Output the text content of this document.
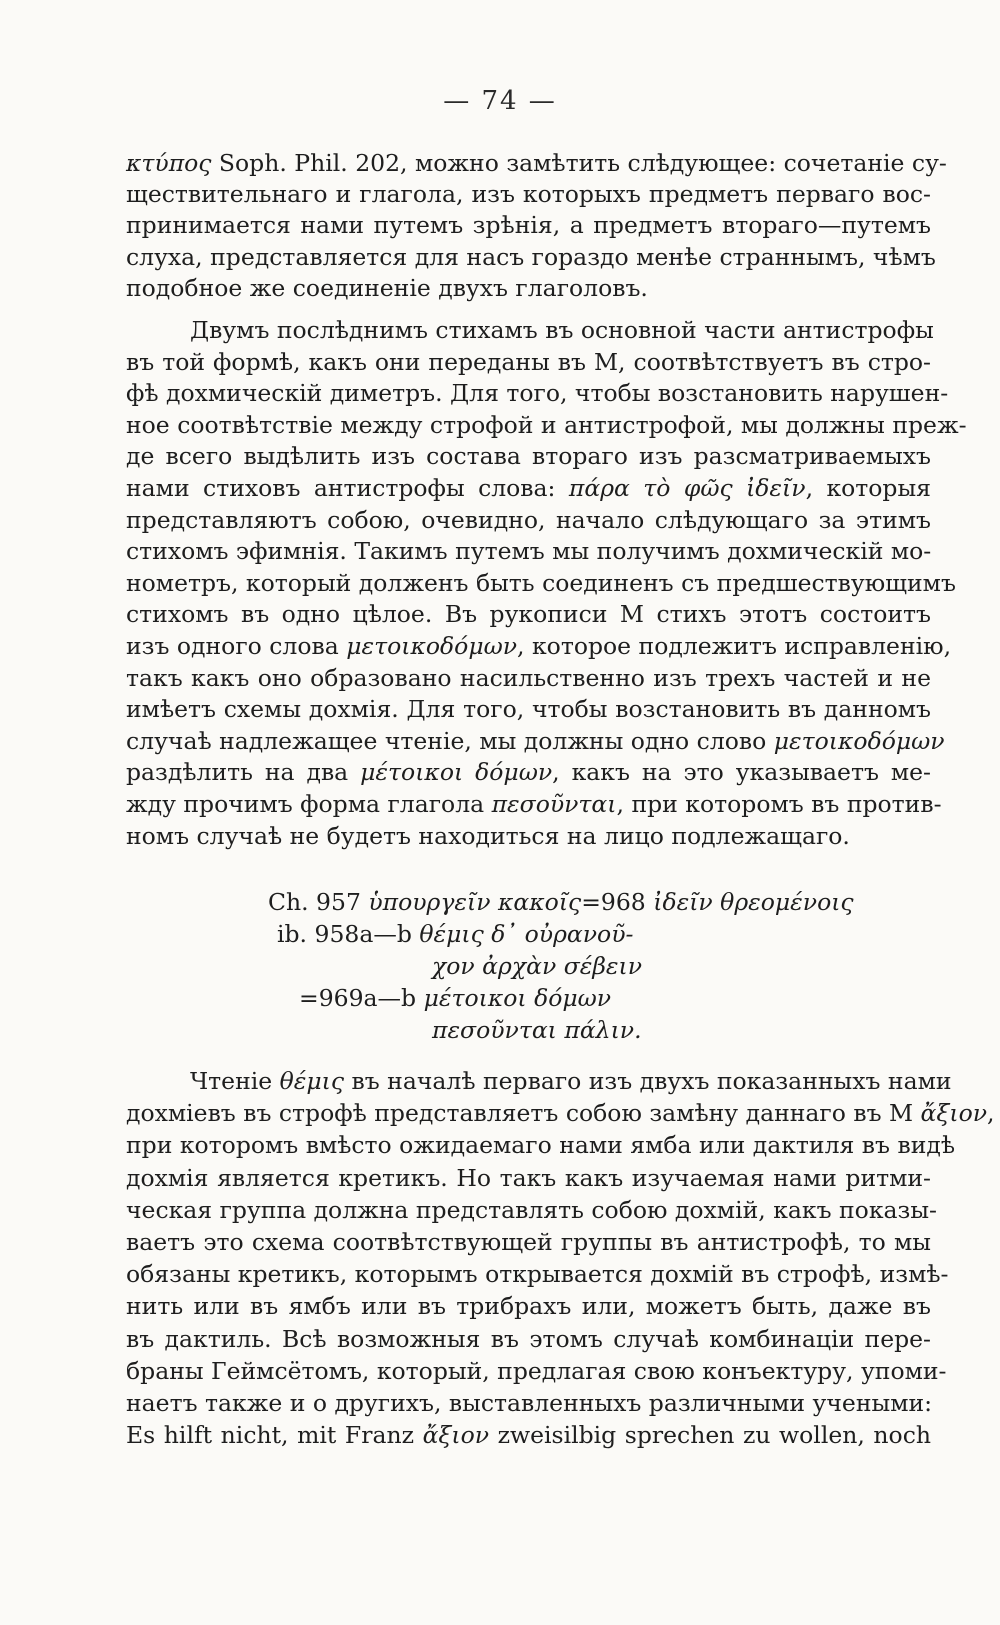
— 74 —
κτύπος Soph. Phil. 202, можно замѣтить слѣдующее: сочетаніе су-
ществительнаго и глагола, изъ которыхъ предметъ перваго вос-
принимается нами путемъ зрѣнія, а предметъ втораго—путемъ
слуха, представляется для насъ гораздо менѣе страннымъ, чѣмъ
подобное же соединеніе двухъ глаголовъ.
Двумъ послѣднимъ стихамъ въ основной части антистрофы
въ той формѣ, какъ они переданы въ М, соотвѣтствуетъ въ стро-
фѣ дохмическій диметръ. Для того, чтобы возстановить нарушен-
ное соотвѣтствіе между строфой и антистрофой, мы должны преж-
де всего выдѣлить изъ состава втораго изъ разсматриваемыхъ
нами стиховъ антистрофы слова: πάρα τὸ φῶς ἰδεῖν, которыя
представляютъ собою, очевидно, начало слѣдующаго за этимъ
стихомъ эфимнія. Такимъ путемъ мы получимъ дохмическій мо-
нометръ, который долженъ быть соединенъ съ предшествующимъ
стихомъ въ одно цѣлое. Въ рукописи М стихъ этотъ состоитъ
изъ одного слова μετοικοδόμων, которое подлежитъ исправленію,
такъ какъ оно образовано насильственно изъ трехъ частей и не
имѣетъ схемы дохмія. Для того, чтобы возстановить въ данномъ
случаѣ надлежащее чтеніе, мы должны одно слово μετοικοδόμων
раздѣлить на два μέτοικοι δόμων, какъ на это указываетъ ме-
жду прочимъ форма глагола πεσοῦνται, при которомъ въ против-
номъ случаѣ не будетъ находиться на лицо подлежащаго.
Чтеніе θέμις въ началѣ перваго изъ двухъ показанныхъ нами
дохміевъ въ строфѣ представляетъ собою замѣну даннаго въ М ἄξιον,
при которомъ вмѣсто ожидаемаго нами ямба или дактиля въ видѣ
дохмія является кретикъ. Но такъ какъ изучаемая нами ритми-
ческая группа должна представлять собою дохмій, какъ показы-
ваетъ это схема соотвѣтствующей группы въ антистрофѣ, то мы
обязаны кретикъ, которымъ открывается дохмій въ строфѣ, измѣ-
нить или въ ямбъ или въ трибрахъ или, можетъ быть, даже въ
въ дактиль. Всѣ возможныя въ этомъ случаѣ комбинаціи пере-
браны Геймсётомъ, который, предлагая свою конъектуру, упоми-
наетъ также и о другихъ, выставленныхъ различными учеными:
Es hilft nicht, mit Franz ἄξιον zweisilbig sprechen zu wollen, noch
Ch. 957 ὑπουργεῖν κακοῖς=968 ἰδεῖν θρεομένοις
ib. 958a—b θέμις δ᾽ οὐρανοῦ-
χον ἀρχὰν σέβειν
=969a—b μέτοικοι δόμων
πεσοῦνται πάλιν.
